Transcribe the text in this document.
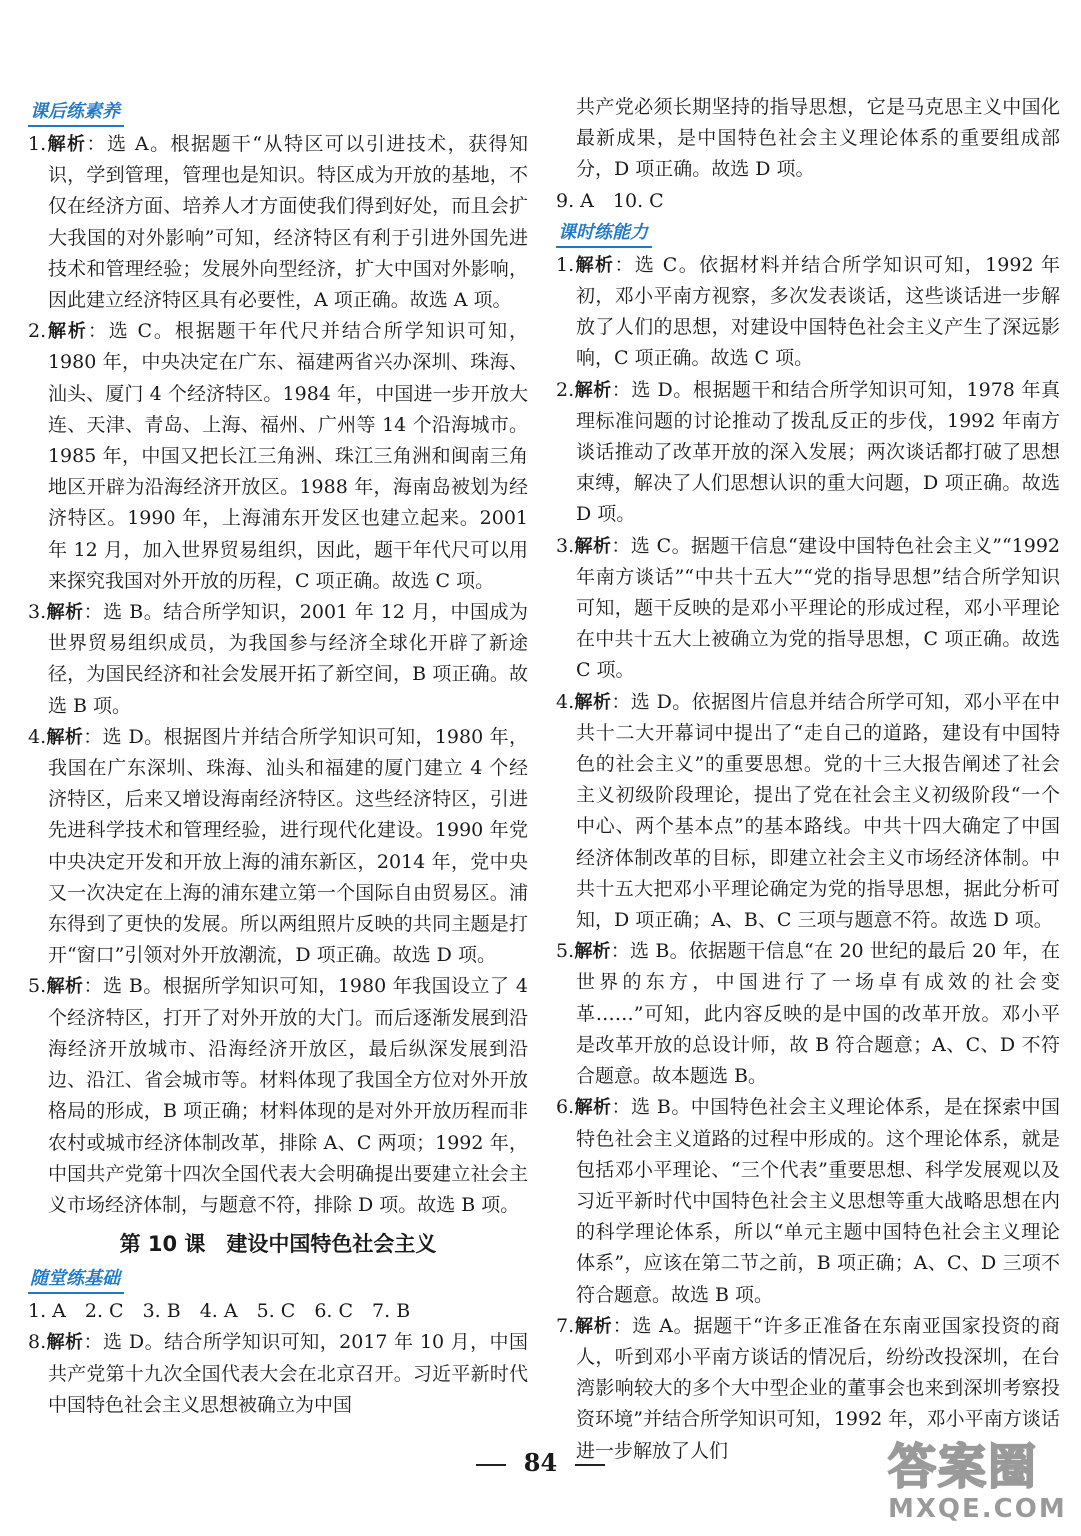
课后练素养

1.解析：选 A。根据题干“从特区可以引进技术，获得知识，学到管理，管理也是知识。特区成为开放的基地，不仅在经济方面、培养人才方面使我们得到好处，而且会扩大我国的对外影响”可知，经济特区有利于引进外国先进技术和管理经验；发展外向型经济，扩大中国对外影响，因此建立经济特区具有必要性，A 项正确。故选 A 项。

2.解析：选 C。根据题干年代尺并结合所学知识可知，1980 年，中央决定在广东、福建两省兴办深圳、珠海、汕头、厦门 4 个经济特区。1984 年，中国进一步开放大连、天津、青岛、上海、福州、广州等 14 个沿海城市。1985 年，中国又把长江三角洲、珠江三角洲和闽南三角地区开辟为沿海经济开放区。1988 年，海南岛被划为经济特区。1990 年，上海浦东开发区也建立起来。2001 年 12 月，加入世界贸易组织，因此，题干年代尺可以用来探究我国对外开放的历程，C 项正确。故选 C 项。

3.解析：选 B。结合所学知识，2001 年 12 月，中国成为世界贸易组织成员，为我国参与经济全球化开辟了新途径，为国民经济和社会发展开拓了新空间，B 项正确。故选 B 项。

4.解析：选 D。根据图片并结合所学知识可知，1980 年，我国在广东深圳、珠海、汕头和福建的厦门建立 4 个经济特区，后来又增设海南经济特区。这些经济特区，引进先进科学技术和管理经验，进行现代化建设。1990 年党中央决定开发和开放上海的浦东新区，2014 年，党中央又一次决定在上海的浦东建立第一个国际自由贸易区。浦东得到了更快的发展。所以两组照片反映的共同主题是打开“窗口”引领对外开放潮流，D 项正确。故选 D 项。

5.解析：选 B。根据所学知识可知，1980 年我国设立了 4 个经济特区，打开了对外开放的大门。而后逐渐发展到沿海经济开放城市、沿海经济开放区，最后纵深发展到沿边、沿江、省会城市等。材料体现了我国全方位对外开放格局的形成，B 项正确；材料体现的是对外开放历程而非农村或城市经济体制改革，排除 A、C 两项；1992 年，中国共产党第十四次全国代表大会明确提出要建立社会主义市场经济体制，与题意不符，排除 D 项。故选 B 项。

第 10 课　建设中国特色社会主义
随堂练基础

1. A　2. C　3. B　4. A　5. C　6. C　7. B

8.解析：选 D。结合所学知识可知，2017 年 10 月，中国共产党第十九次全国代表大会在北京召开。习近平新时代中国特色社会主义思想被确立为中国

共产党必须长期坚持的指导思想，它是马克思主义中国化最新成果，是中国特色社会主义理论体系的重要组成部分，D 项正确。故选 D 项。

9. A　10. C

课时练能力

1.解析：选 C。依据材料并结合所学知识可知，1992 年初，邓小平南方视察，多次发表谈话，这些谈话进一步解放了人们的思想，对建设中国特色社会主义产生了深远影响，C 项正确。故选 C 项。

2.解析：选 D。根据题干和结合所学知识可知，1978 年真理标准问题的讨论推动了拨乱反正的步伐，1992 年南方谈话推动了改革开放的深入发展；两次谈话都打破了思想束缚，解决了人们思想认识的重大问题，D 项正确。故选 D 项。

3.解析：选 C。据题干信息“建设中国特色社会主义”“1992 年南方谈话”“中共十五大”“党的指导思想”结合所学知识可知，题干反映的是邓小平理论的形成过程，邓小平理论在中共十五大上被确立为党的指导思想，C 项正确。故选 C 项。

4.解析：选 D。依据图片信息并结合所学可知，邓小平在中共十二大开幕词中提出了“走自己的道路，建设有中国特色的社会主义”的重要思想。党的十三大报告阐述了社会主义初级阶段理论，提出了党在社会主义初级阶段“一个中心、两个基本点”的基本路线。中共十四大确定了中国经济体制改革的目标，即建立社会主义市场经济体制。中共十五大把邓小平理论确定为党的指导思想，据此分析可知，D 项正确；A、B、C 三项与题意不符。故选 D 项。

5.解析：选 B。依据题干信息“在 20 世纪的最后 20 年，在世界的东方，中国进行了一场卓有成效的社会变革……”可知，此内容反映的是中国的改革开放。邓小平是改革开放的总设计师，故 B 符合题意；A、C、D 不符合题意。故本题选 B。

6.解析：选 B。中国特色社会主义理论体系，是在探索中国特色社会主义道路的过程中形成的。这个理论体系，就是包括邓小平理论、“三个代表”重要思想、科学发展观以及习近平新时代中国特色社会主义思想等重大战略思想在内的科学理论体系，所以“单元主题中国特色社会主义理论体系”，应该在第二节之前，B 项正确；A、C、D 三项不符合题意。故选 B 项。

7.解析：选 A。据题干“许多正准备在东南亚国家投资的商人，听到邓小平南方谈话的情况后，纷纷改投深圳，在台湾影响较大的多个大中型企业的董事会也来到深圳考察投资环境”并结合所学知识可知，1992 年，邓小平南方谈话进一步解放了人们

84	答案圈
MXQE.COM
